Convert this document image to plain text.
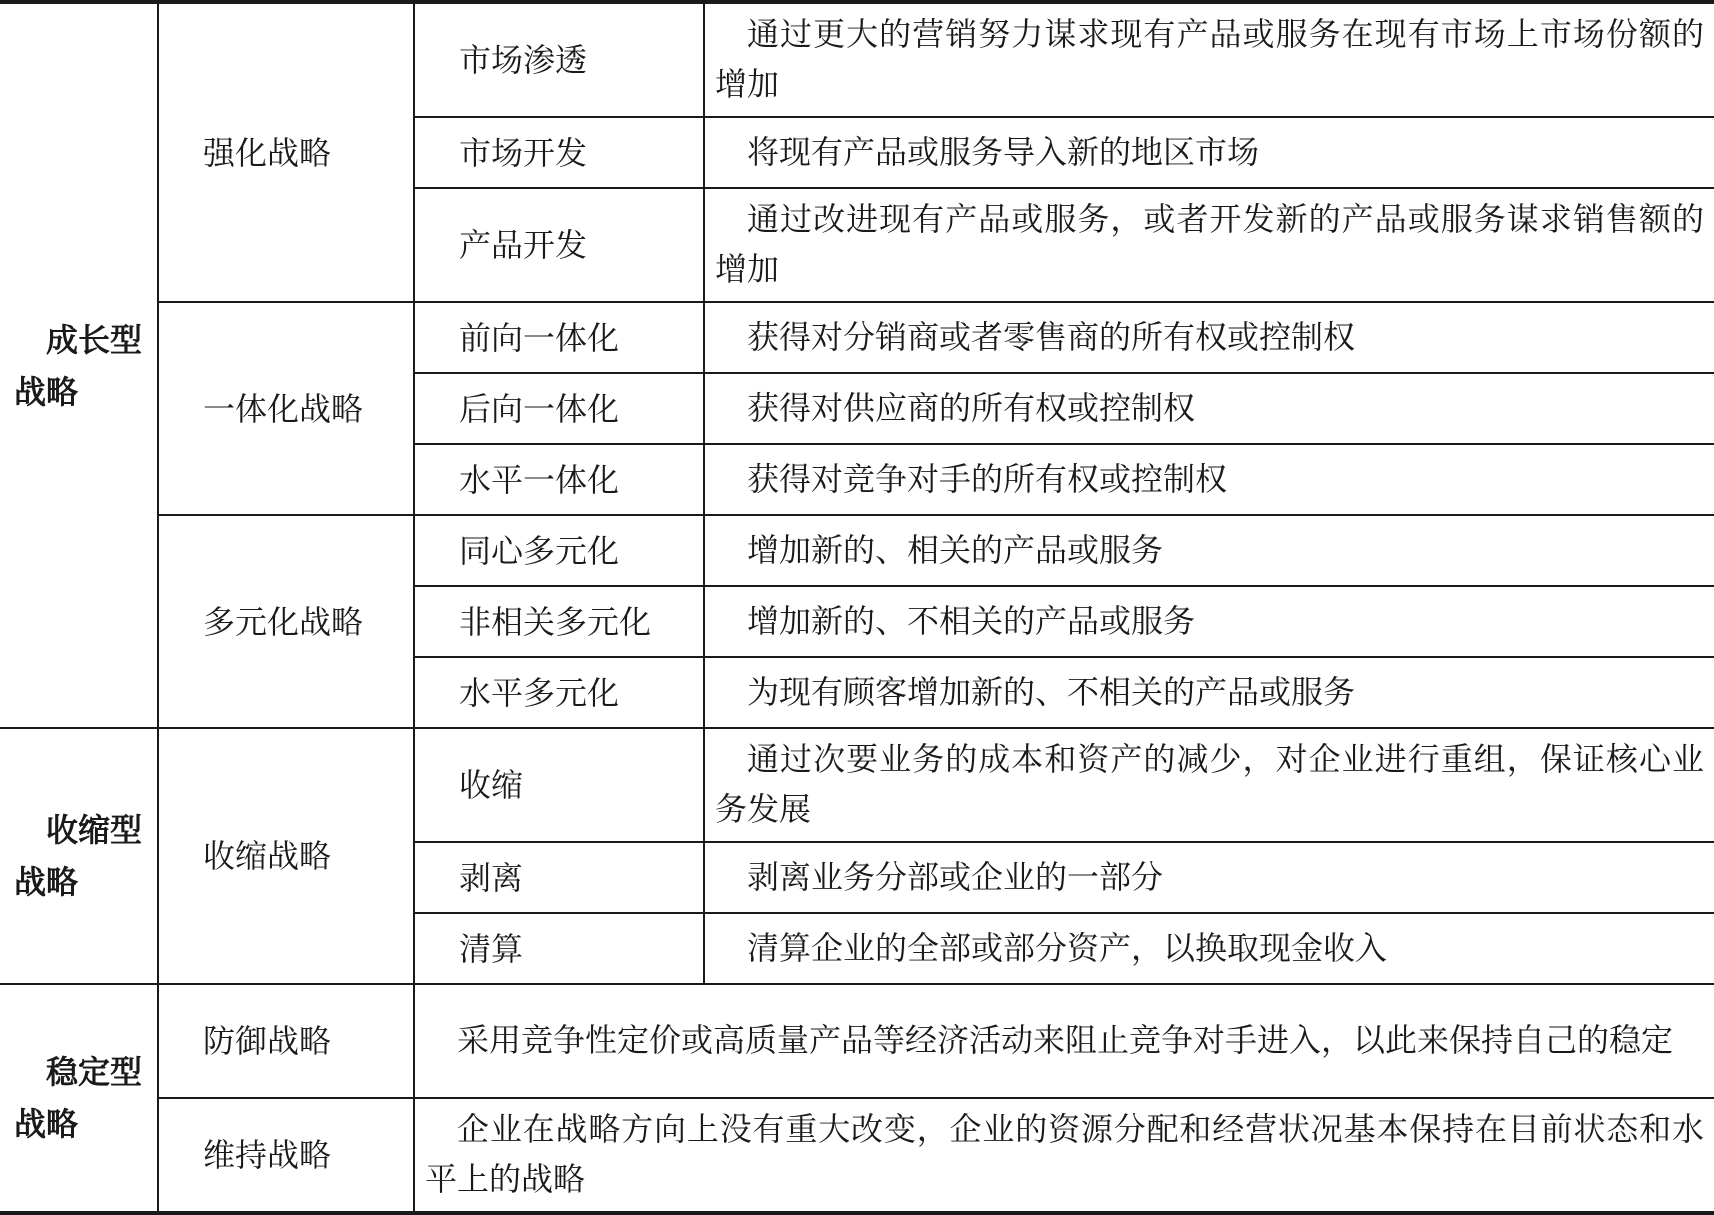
成长型战略	强化战略	市场渗透	通过更大的营销努力谋求现有产品或服务在现有市场上市场份额的增加
		市场开发	将现有产品或服务导入新的地区市场
		产品开发	通过改进现有产品或服务，或者开发新的产品或服务谋求销售额的增加
	一体化战略	前向一体化	获得对分销商或者零售商的所有权或控制权
		后向一体化	获得对供应商的所有权或控制权
		水平一体化	获得对竞争对手的所有权或控制权
	多元化战略	同心多元化	增加新的、相关的产品或服务
		非相关多元化	增加新的、不相关的产品或服务
		水平多元化	为现有顾客增加新的、不相关的产品或服务

收缩型战略	收缩战略	收缩	通过次要业务的成本和资产的减少，对企业进行重组，保证核心业务发展
		剥离	剥离业务分部或企业的一部分
		清算	清算企业的全部或部分资产，以换取现金收入

稳定型战略	防御战略	采用竞争性定价或高质量产品等经济活动来阻止竞争对手进入，以此来保持自己的稳定	
	维持战略	企业在战略方向上没有重大改变，企业的资源分配和经营状况基本保持在目前状态和水平上的战略	
